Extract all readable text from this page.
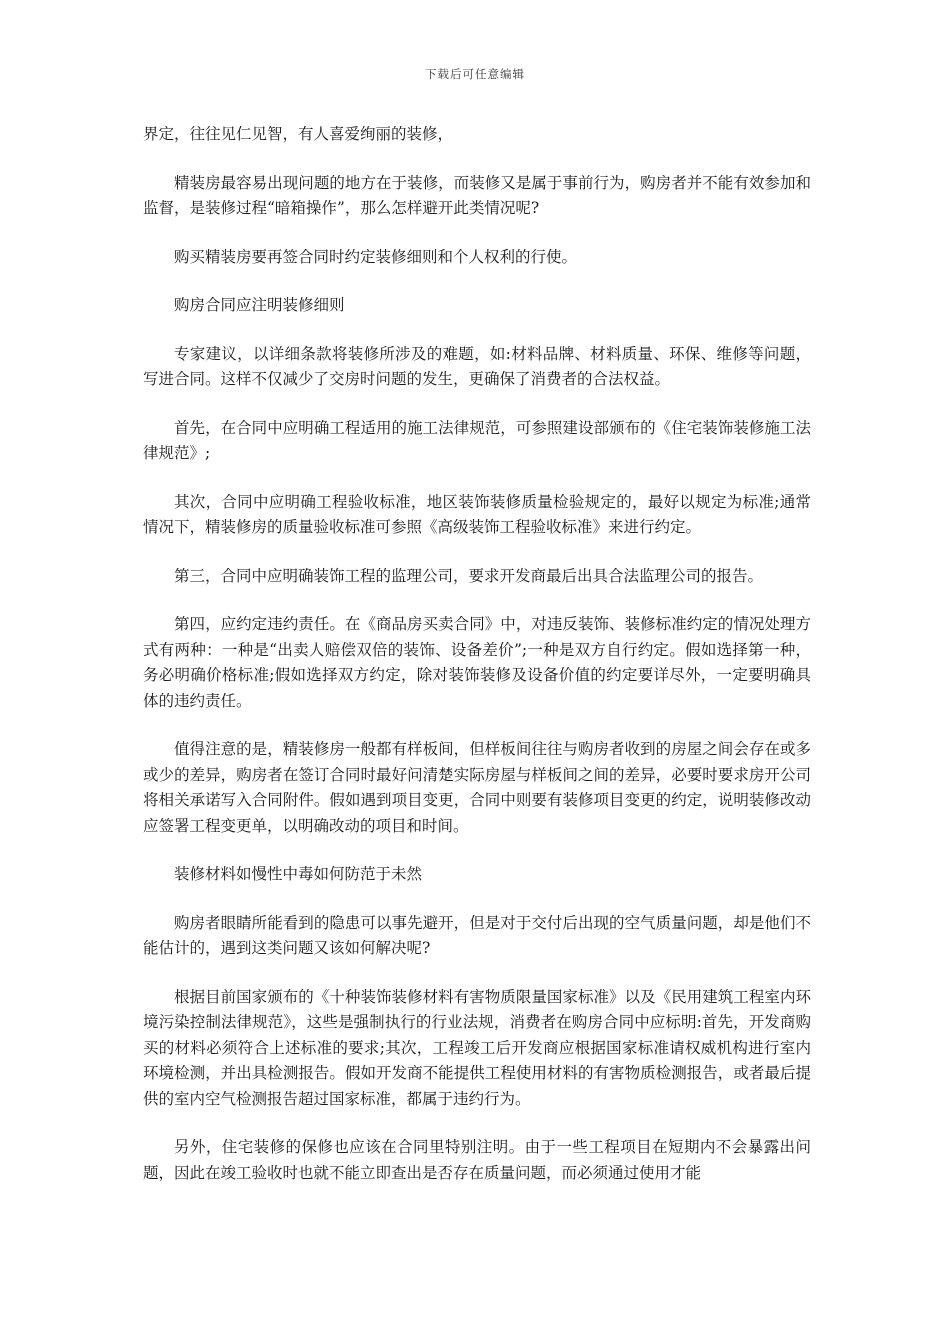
下载后可任意编辑

界定，往往见仁见智，有人喜爱绚丽的装修，

精装房最容易出现问题的地方在于装修，而装修又是属于事前行为，购房者并不能有效参加和监督，是装修过程“暗箱操作”，那么怎样避开此类情况呢?

购买精装房要再签合同时约定装修细则和个人权利的行使。

购房合同应注明装修细则

专家建议，以详细条款将装修所涉及的难题，如:材料品牌、材料质量、环保、维修等问题，写进合同。这样不仅减少了交房时问题的发生，更确保了消费者的合法权益。

首先，在合同中应明确工程适用的施工法律规范，可参照建设部颁布的《住宅装饰装修施工法律规范》;

其次，合同中应明确工程验收标准，地区装饰装修质量检验规定的，最好以规定为标准;通常情况下，精装修房的质量验收标准可参照《高级装饰工程验收标准》来进行约定。

第三，合同中应明确装饰工程的监理公司，要求开发商最后出具合法监理公司的报告。

第四，应约定违约责任。在《商品房买卖合同》中，对违反装饰、装修标准约定的情况处理方式有两种：一种是“出卖人赔偿双倍的装饰、设备差价”;一种是双方自行约定。假如选择第一种，务必明确价格标准;假如选择双方约定，除对装饰装修及设备价值的约定要详尽外，一定要明确具体的违约责任。

值得注意的是，精装修房一般都有样板间，但样板间往往与购房者收到的房屋之间会存在或多或少的差异，购房者在签订合同时最好问清楚实际房屋与样板间之间的差异，必要时要求房开公司将相关承诺写入合同附件。假如遇到项目变更，合同中则要有装修项目变更的约定，说明装修改动应签署工程变更单，以明确改动的项目和时间。

装修材料如慢性中毒如何防范于未然

购房者眼睛所能看到的隐患可以事先避开，但是对于交付后出现的空气质量问题，却是他们不能估计的，遇到这类问题又该如何解决呢?

根据目前国家颁布的《十种装饰装修材料有害物质限量国家标准》以及《民用建筑工程室内环境污染控制法律规范》，这些是强制执行的行业法规，消费者在购房合同中应标明:首先，开发商购买的材料必须符合上述标准的要求;其次，工程竣工后开发商应根据国家标准请权威机构进行室内环境检测，并出具检测报告。假如开发商不能提供工程使用材料的有害物质检测报告，或者最后提供的室内空气检测报告超过国家标准，都属于违约行为。

另外，住宅装修的保修也应该在合同里特别注明。由于一些工程项目在短期内不会暴露出问题，因此在竣工验收时也就不能立即查出是否存在质量问题，而必须通过使用才能
